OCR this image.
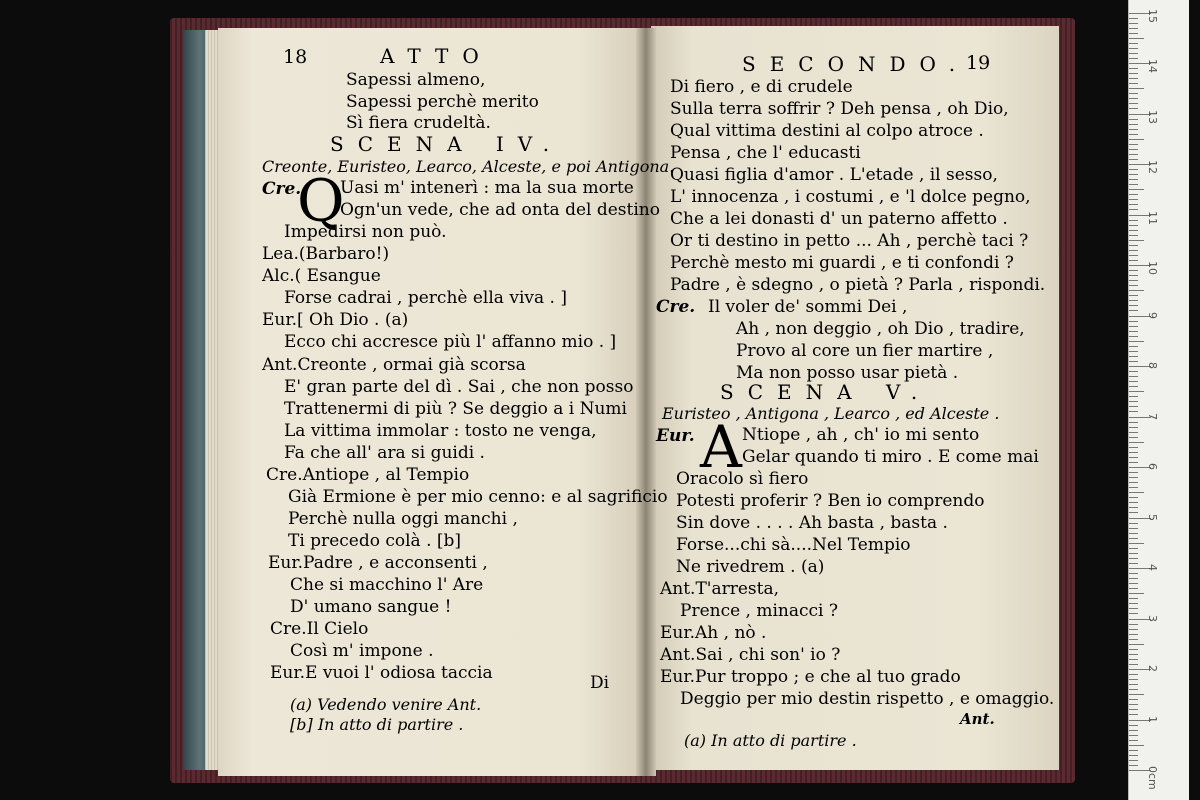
18	ATTO
Sapessi almeno,
Sapessi perchè merito
Sì fiera crudeltà.
SCENA IV.
Creonte, Euristeo, Learco, Alceste, e poi Antigona.
Cre.
Q
Uasi m' intenerì : ma la sua morte
Ogn'un vede, che ad onta del destino
Impedirsi non può.
Lea.(Barbaro!)
Alc.( Esangue
Forse cadrai , perchè ella viva . ]
Eur.[ Oh Dio . (a)
Ecco chi accresce più l' affanno mio . ]
Ant.Creonte , ormai già scorsa
E' gran parte del dì . Sai , che non posso
Trattenermi di più ? Se deggio a i Numi
La vittima immolar : tosto ne venga,
Fa che all' ara si guidi .
Cre.Antiope , al Tempio
Già Ermione è per mio cenno: e al sagrificio
Perchè nulla oggi manchi ,
Ti precedo colà . [b]
Eur.Padre , e acconsenti ,
Che si macchino l' Are
D' umano sangue !
Cre.Il Cielo
Così m' impone .
Eur.E vuoi l' odiosa taccia	Di
(a) Vedendo venire Ant.
[b] In atto di partire .
SECONDO.
19
Di fiero , e di crudele
Sulla terra soffrir ? Deh pensa , oh Dio,
Qual vittima destini al colpo atroce .
Pensa , che l' educasti
Quasi figlia d'amor . L'etade , il sesso,
L' innocenza , i costumi , e 'l dolce pegno,
Che a lei donasti d' un paterno affetto .
Or ti destino in petto ... Ah , perchè taci ?
Perchè mesto mi guardi , e ti confondi ?
Padre , è sdegno , o pietà ? Parla , rispondi.
Cre. Il voler de' sommi Dei ,
Ah , non deggio , oh Dio , tradire,
Provo al core un fier martire ,
Ma non posso usar pietà .
SCENA V.
Euristeo , Antigona , Learco , ed Alceste .
Eur. A Ntiope , ah , ch' io mi sento
Gelar quando ti miro . E come mai
Oracolo sì fiero
Potesti proferir ? Ben io comprendo
Sin dove . . . . Ah basta , basta .
Forse...chi sà....Nel Tempio
Ne rivedrem . (a)
Ant.T'arresta,
Prence , minacci ?
Eur.Ah , nò .
Ant.Sai , chi son' io ?
Eur.Pur troppo ; e che al tuo grado
Deggio per mio destin rispetto , e omaggio.
Ant.
(a) In atto di partire .
0cm
1
2
3
4
5
6
7
8
9
10
11
12
13
14
15
